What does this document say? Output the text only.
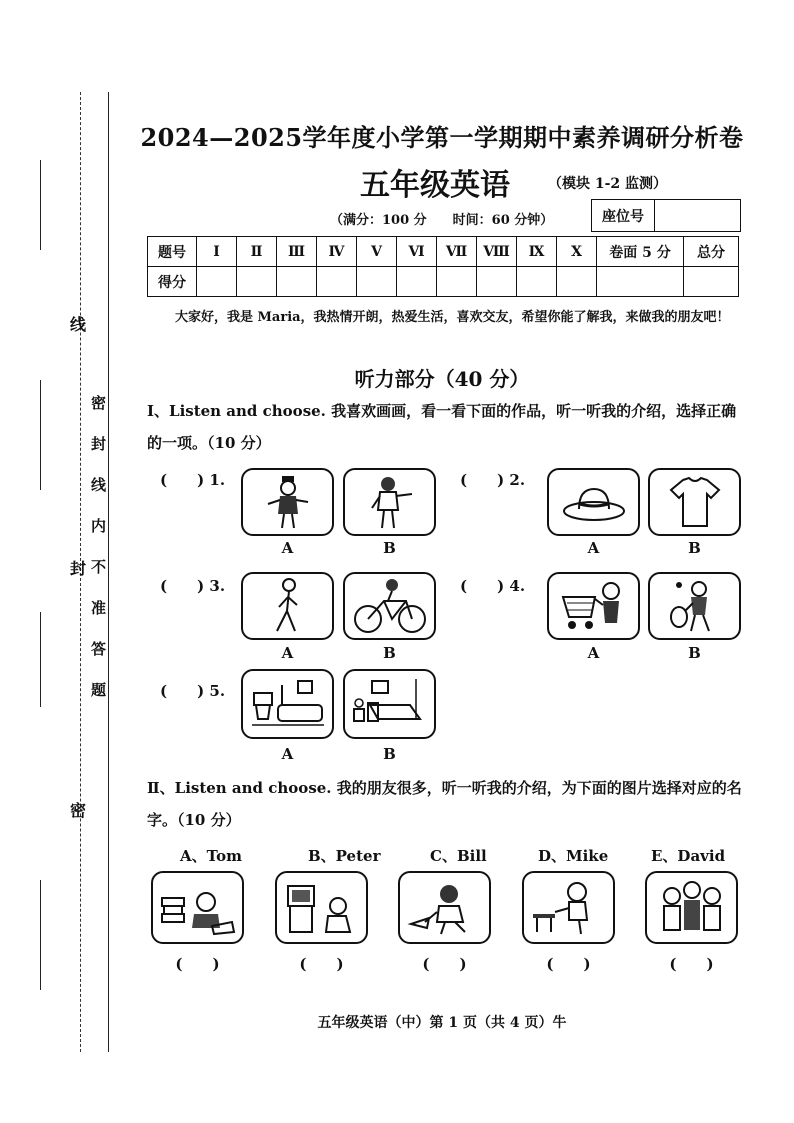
密封线内不准答题
密
封
线
2024—2025学年度小学第一学期期中素养调研分析卷
五年级英语	（模块 1-2 监测）
（满分：100 分　　时间：60 分钟）	座位号
题号	Ⅰ	Ⅱ	Ⅲ	Ⅳ	Ⅴ	Ⅵ	Ⅶ	Ⅷ	Ⅸ	Ⅹ	卷面 5 分	总分
得分												
大家好，我是 Maria，我热情开朗，热爱生活，喜欢交友，希望你能了解我，来做我的朋友吧！
听力部分（40 分）
Ⅰ、Listen and choose. 我喜欢画画，看一看下面的作品，听一听我的介绍，选择正确的一项。（10 分）
(　　) 1.
A	B
(　　) 2.
A	B
(　　) 3.
A	B
(　　) 4.
A	B
(　　) 5.
A	B
Ⅱ、Listen and choose. 我的朋友很多，听一听我的介绍，为下面的图片选择对应的名字。（10 分）
A、Tom	B、Peter	C、Bill	D、Mike	E、David
(　　)	(　　)	(　　)	(　　)	(　　)
五年级英语（中）第 1 页（共 4 页）牛
